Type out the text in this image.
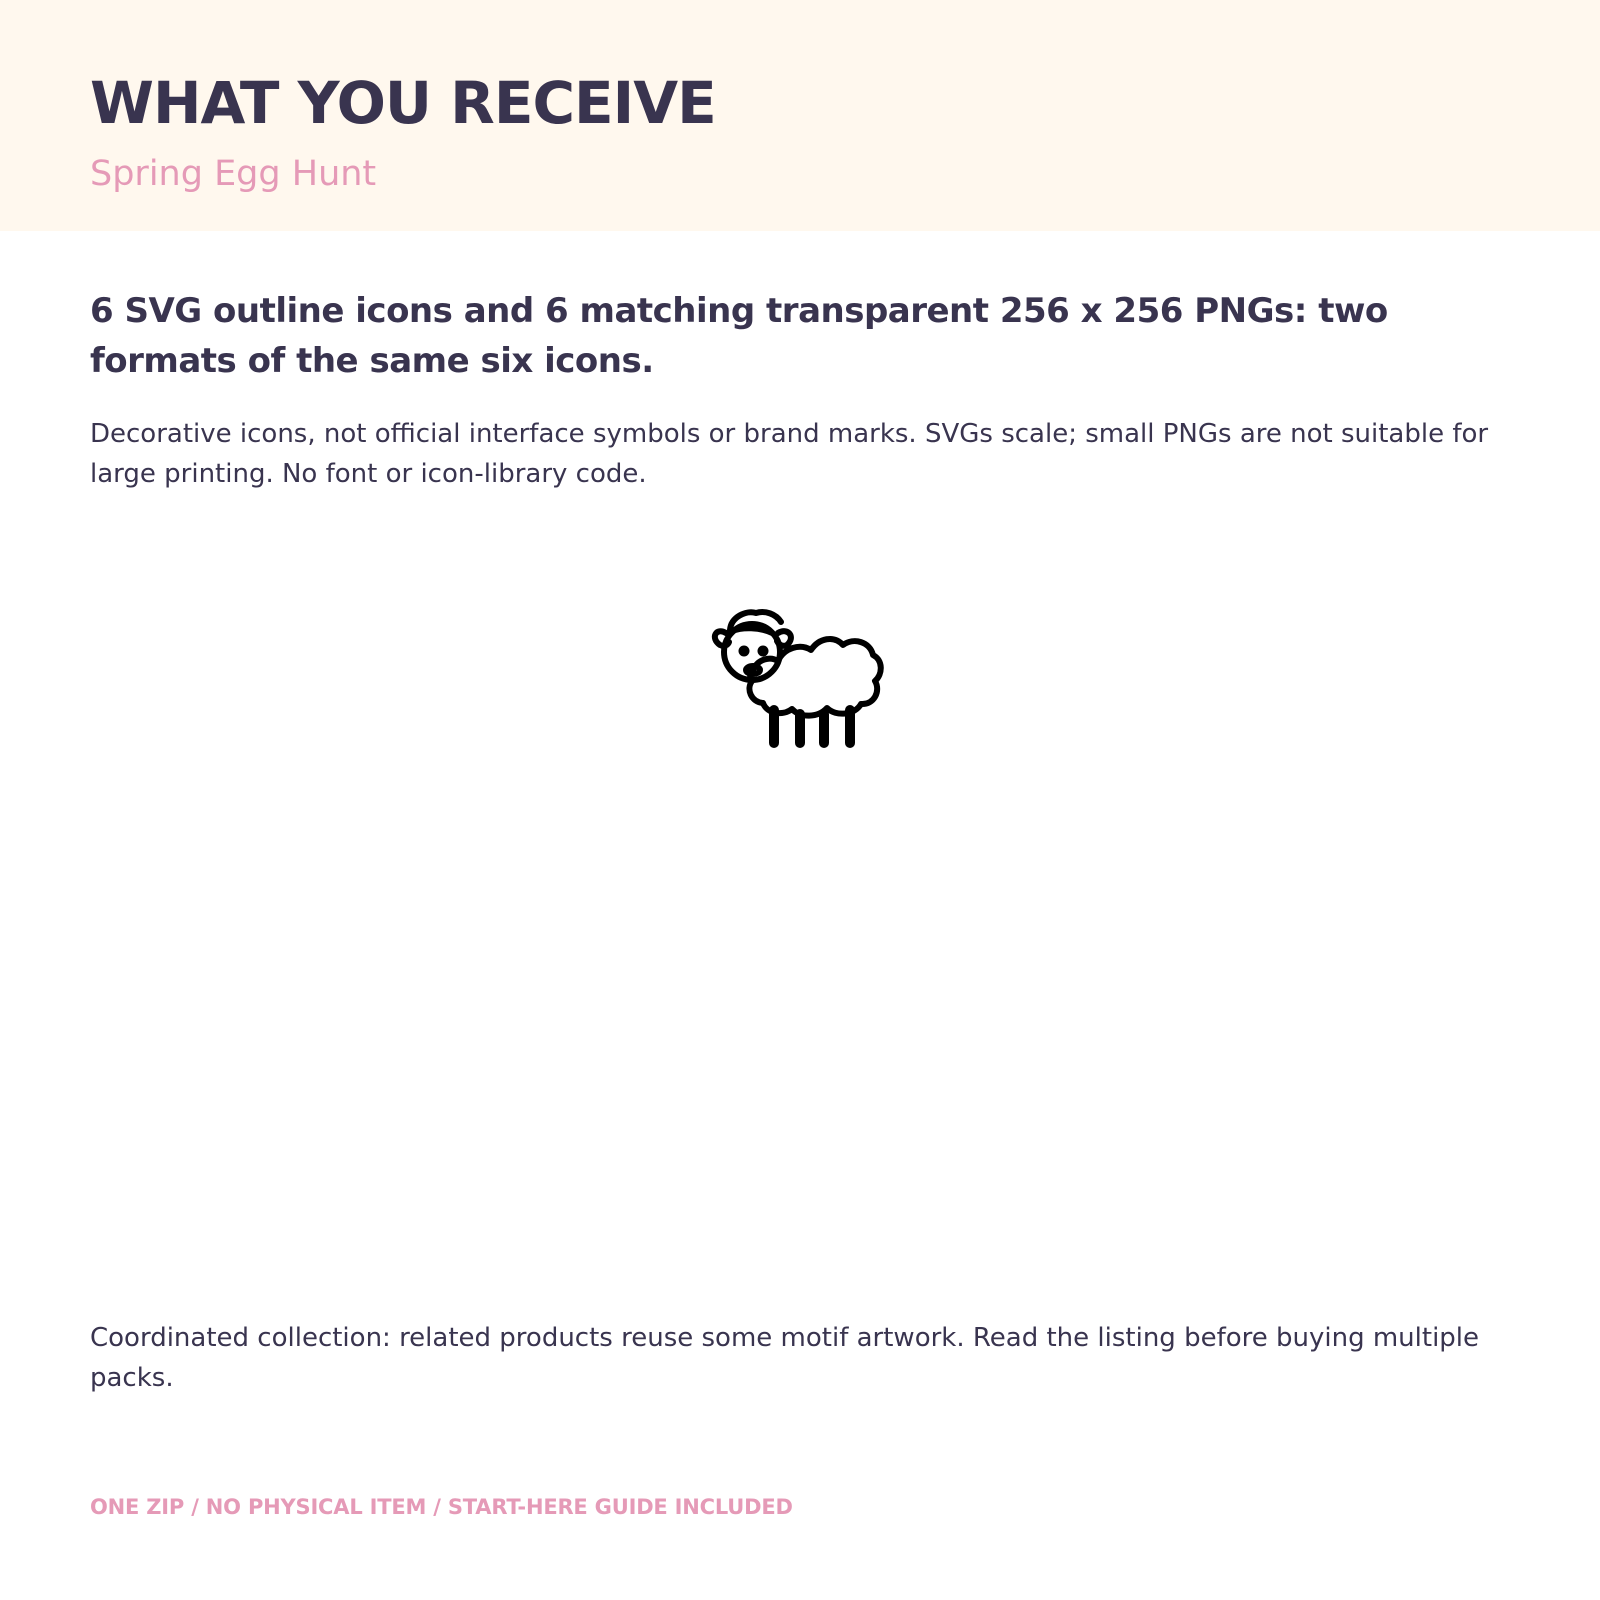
WHAT YOU RECEIVE

Spring Egg Hunt

6 SVG outline icons and 6 matching transparent 256 x 256 PNGs: two formats of the same six icons.

Decorative icons, not official interface symbols or brand marks. SVGs scale; small PNGs are not suitable for large printing. No font or icon-library code.

Coordinated collection: related products reuse some motif artwork. Read the listing before buying multiple packs.

ONE ZIP / NO PHYSICAL ITEM / START-HERE GUIDE INCLUDED
